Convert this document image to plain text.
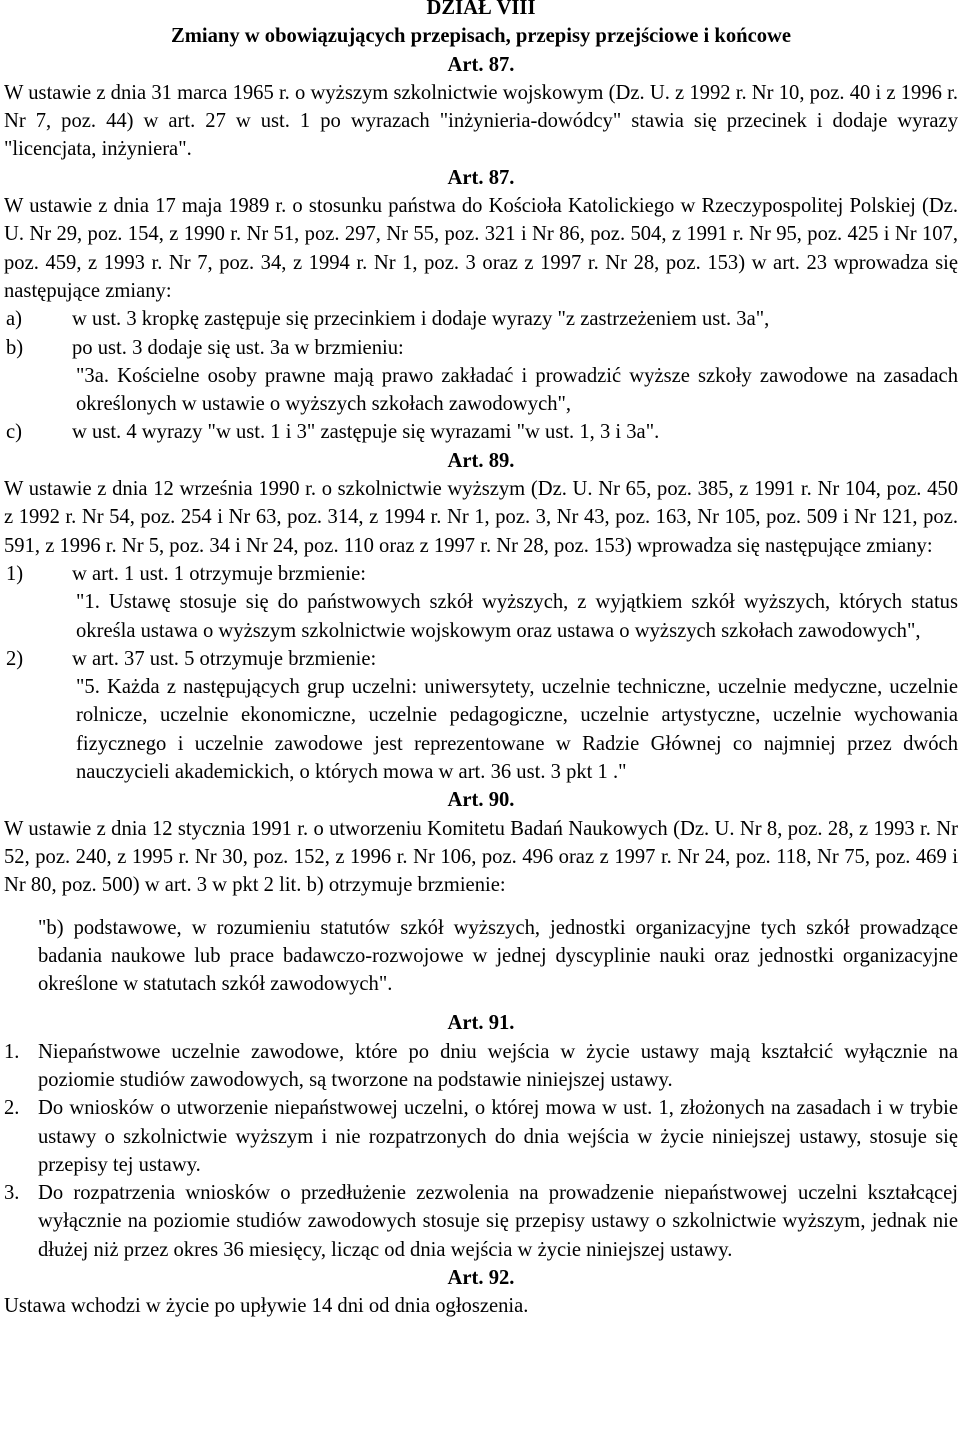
DZIAŁ VIII
Zmiany w obowiązujących przepisach, przepisy przejściowe i końcowe
Art. 87.
W ustawie z dnia 31 marca 1965 r. o wyższym szkolnictwie wojskowym (Dz. U. z 1992 r. Nr 10, poz. 40 i z 1996 r. Nr 7, poz. 44) w art. 27 w ust. 1 po wyrazach "inżynieria-dowódcy" stawia się przecinek i dodaje wyrazy "licencjata, inżyniera".
Art. 87.
W ustawie z dnia 17 maja 1989 r. o stosunku państwa do Kościoła Katolickiego w Rzeczypospolitej Polskiej (Dz. U. Nr 29, poz. 154, z 1990 r. Nr 51, poz. 297, Nr 55, poz. 321 i Nr 86, poz. 504, z 1991 r. Nr 95, poz. 425 i Nr 107, poz. 459, z 1993 r. Nr 7, poz. 34, z 1994 r. Nr 1, poz. 3 oraz z 1997 r. Nr 28, poz. 153) w art. 23 wprowadza się następujące zmiany:
a)	w ust. 3 kropkę zastępuje się przecinkiem i dodaje wyrazy "z zastrzeżeniem ust. 3a",
b)	po ust. 3 dodaje się ust. 3a w brzmieniu:
"3a. Kościelne osoby prawne mają prawo zakładać i prowadzić wyższe szkoły zawodowe na zasadach określonych w ustawie o wyższych szkołach zawodowych",
c)	w ust. 4 wyrazy "w ust. 1 i 3" zastępuje się wyrazami "w ust. 1, 3 i 3a".
Art. 89.
W ustawie z dnia 12 września 1990 r. o szkolnictwie wyższym (Dz. U. Nr 65, poz. 385, z 1991 r. Nr 104, poz. 450 z 1992 r. Nr 54, poz. 254 i Nr 63, poz. 314, z 1994 r. Nr 1, poz. 3, Nr 43, poz. 163, Nr 105, poz. 509 i Nr 121, poz. 591, z 1996 r. Nr 5, poz. 34 i Nr 24, poz. 110 oraz z 1997 r. Nr 28, poz. 153) wprowadza się następujące zmiany:
1)	w art. 1 ust. 1 otrzymuje brzmienie:
"1. Ustawę stosuje się do państwowych szkół wyższych, z wyjątkiem szkół wyższych, których status określa ustawa o wyższym szkolnictwie wojskowym oraz ustawa o wyższych szkołach zawodowych",
2)	w art. 37 ust. 5 otrzymuje brzmienie:
"5. Każda z następujących grup uczelni: uniwersytety, uczelnie techniczne, uczelnie medyczne, uczelnie rolnicze, uczelnie ekonomiczne, uczelnie pedagogiczne, uczelnie artystyczne, uczelnie wychowania fizycznego i uczelnie zawodowe jest reprezentowane w Radzie Głównej co najmniej przez dwóch nauczycieli akademickich, o których mowa w art. 36 ust. 3 pkt 1 ."
Art. 90.
W ustawie z dnia 12 stycznia 1991 r. o utworzeniu Komitetu Badań Naukowych (Dz. U. Nr 8, poz. 28, z 1993 r. Nr 52, poz. 240, z 1995 r. Nr 30, poz. 152, z 1996 r. Nr 106, poz. 496 oraz z 1997 r. Nr 24, poz. 118, Nr 75, poz. 469 i Nr 80, poz. 500) w art. 3 w pkt 2 lit. b) otrzymuje brzmienie:
"b) podstawowe, w rozumieniu statutów szkół wyższych, jednostki organizacyjne tych szkół prowadzące badania naukowe lub prace badawczo-rozwojowe w jednej dyscyplinie nauki oraz jednostki organizacyjne określone w statutach szkół zawodowych".
Art. 91.
1. Niepaństwowe uczelnie zawodowe, które po dniu wejścia w życie ustawy mają kształcić wyłącznie na poziomie studiów zawodowych, są tworzone na podstawie niniejszej ustawy.
2. Do wniosków o utworzenie niepaństwowej uczelni, o której mowa w ust. 1, złożonych na zasadach i w trybie ustawy o szkolnictwie wyższym i nie rozpatrzonych do dnia wejścia w życie niniejszej ustawy, stosuje się przepisy tej ustawy.
3. Do rozpatrzenia wniosków o przedłużenie zezwolenia na prowadzenie niepaństwowej uczelni kształcącej wyłącznie na poziomie studiów zawodowych stosuje się przepisy ustawy o szkolnictwie wyższym, jednak nie dłużej niż przez okres 36 miesięcy, licząc od dnia wejścia w życie niniejszej ustawy.
Art. 92.
Ustawa wchodzi w życie po upływie 14 dni od dnia ogłoszenia.
